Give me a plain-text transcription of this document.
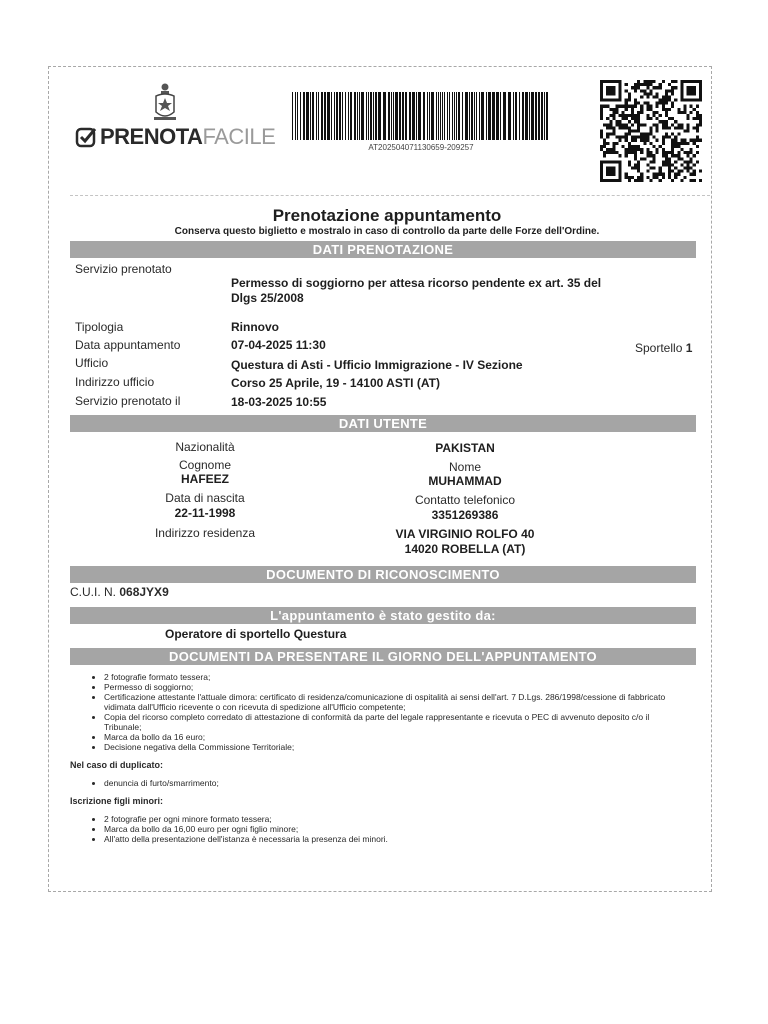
PRENOTA FACILE	AT202504071130659-209257
Prenotazione appuntamento
Conserva questo biglietto e mostralo in caso di controllo da parte delle Forze dell'Ordine.
DATI PRENOTAZIONE
Servizio prenotato
Permesso di soggiorno per attesa ricorso pendente ex art. 35 del
Dlgs 25/2008
Tipologia	Rinnovo
Data appuntamento	07-04-2025 11:30	Sportello 1
Ufficio	Questura di Asti - Ufficio Immigrazione - IV Sezione
Indirizzo ufficio	Corso 25 Aprile, 19 - 14100 ASTI (AT)
Servizio prenotato il	18-03-2025 10:55
DATI UTENTE
Nazionalità	PAKISTAN
Cognome
HAFEEZ
Nome
MUHAMMAD
Data di nascita
22-11-1998
Contatto telefonico
3351269386
Indirizzo residenza	VIA VIRGINIO ROLFO 40
14020 ROBELLA (AT)
DOCUMENTO DI RICONOSCIMENTO
C.U.I. N. 068JYX9
L'appuntamento è stato gestito da:
Operatore di sportello Questura
DOCUMENTI DA PRESENTARE IL GIORNO DELL'APPUNTAMENTO
• 2 fotografie formato tessera;
• Permesso di soggiorno;
• Certificazione attestante l'attuale dimora: certificato di residenza/comunicazione di ospitalità ai sensi dell'art. 7 D.Lgs. 286/1998/cessione di fabbricato vidimata dall'Ufficio ricevente o con ricevuta di spedizione all'Ufficio competente;
• Copia del ricorso completo corredato di attestazione di conformità da parte del legale rappresentante e ricevuta o PEC di avvenuto deposito c/o il Tribunale;
• Marca da bollo da 16 euro;
• Decisione negativa della Commissione Territoriale;
Nel caso di duplicato:
• denuncia di furto/smarrimento;
Iscrizione figli minori:
• 2 fotografie per ogni minore formato tessera;
• Marca da bollo da 16,00 euro per ogni figlio minore;
• All'atto della presentazione dell'istanza è necessaria la presenza dei minori.
